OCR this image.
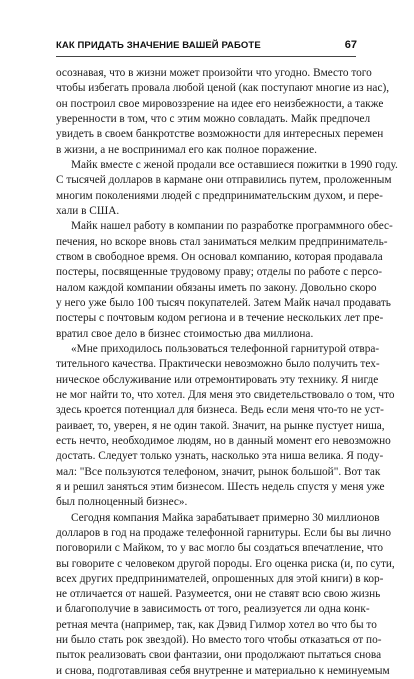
КАК ПРИДАТЬ ЗНАЧЕНИЕ ВАШЕЙ РАБОТЕ	67
осознавая, что в жизни может произойти что угодно. Вместо того
чтобы избегать провала любой ценой (как поступают многие из нас),
он построил свое мировоззрение на идее его неизбежности, а также
уверенности в том, что с этим можно совладать. Майк предпочел
увидеть в своем банкротстве возможности для интересных перемен
в жизни, а не воспринимал его как полное поражение.
Майк вместе с женой продали все оставшиеся пожитки в 1990 году.
С тысячей долларов в кармане они отправились путем, проложенным
многим поколениями людей с предпринимательским духом, и пере-
хали в США.
Майк нашел работу в компании по разработке программного обес-
печения, но вскоре вновь стал заниматься мелким предприниматель-
ством в свободное время. Он основал компанию, которая продавала
постеры, посвященные трудовому праву; отделы по работе с персо-
налом каждой компании обязаны иметь по закону. Довольно скоро
у него уже было 100 тысяч покупателей. Затем Майк начал продавать
постеры с почтовым кодом региона и в течение нескольких лет пре-
вратил свое дело в бизнес стоимостью два миллиона.
«Мне приходилось пользоваться телефонной гарнитурой отвра-
тительного качества. Практически невозможно было получить тех-
ническое обслуживание или отремонтировать эту технику. Я нигде
не мог найти то, что хотел. Для меня это свидетельствовало о том, что
здесь кроется потенциал для бизнеса. Ведь если меня что-то не уст-
раивает, то, уверен, я не один такой. Значит, на рынке пустует ниша,
есть нечто, необходимое людям, но в данный момент его невозможно
достать. Следует только узнать, насколько эта ниша велика. Я поду-
мал: "Все пользуются телефоном, значит, рынок большой". Вот так
я и решил заняться этим бизнесом. Шесть недель спустя у меня уже
был полноценный бизнес».
Сегодня компания Майка зарабатывает примерно 30 миллионов
долларов в год на продаже телефонной гарнитуры. Если бы вы лично
поговорили с Майком, то у вас могло бы создаться впечатление, что
вы говорите с человеком другой породы. Его оценка риска (и, по сути,
всех других предпринимателей, опрошенных для этой книги) в кор-
не отличается от нашей. Разумеется, они не ставят всю свою жизнь
и благополучие в зависимость от того, реализуется ли одна конк-
ретная мечта (например, так, как Дэвид Гилмор хотел во что бы то
ни было стать рок звездой). Но вместо того чтобы отказаться от по-
пыток реализовать свои фантазии, они продолжают пытаться снова
и снова, подготавливая себя внутренне и материально к неминуемым
